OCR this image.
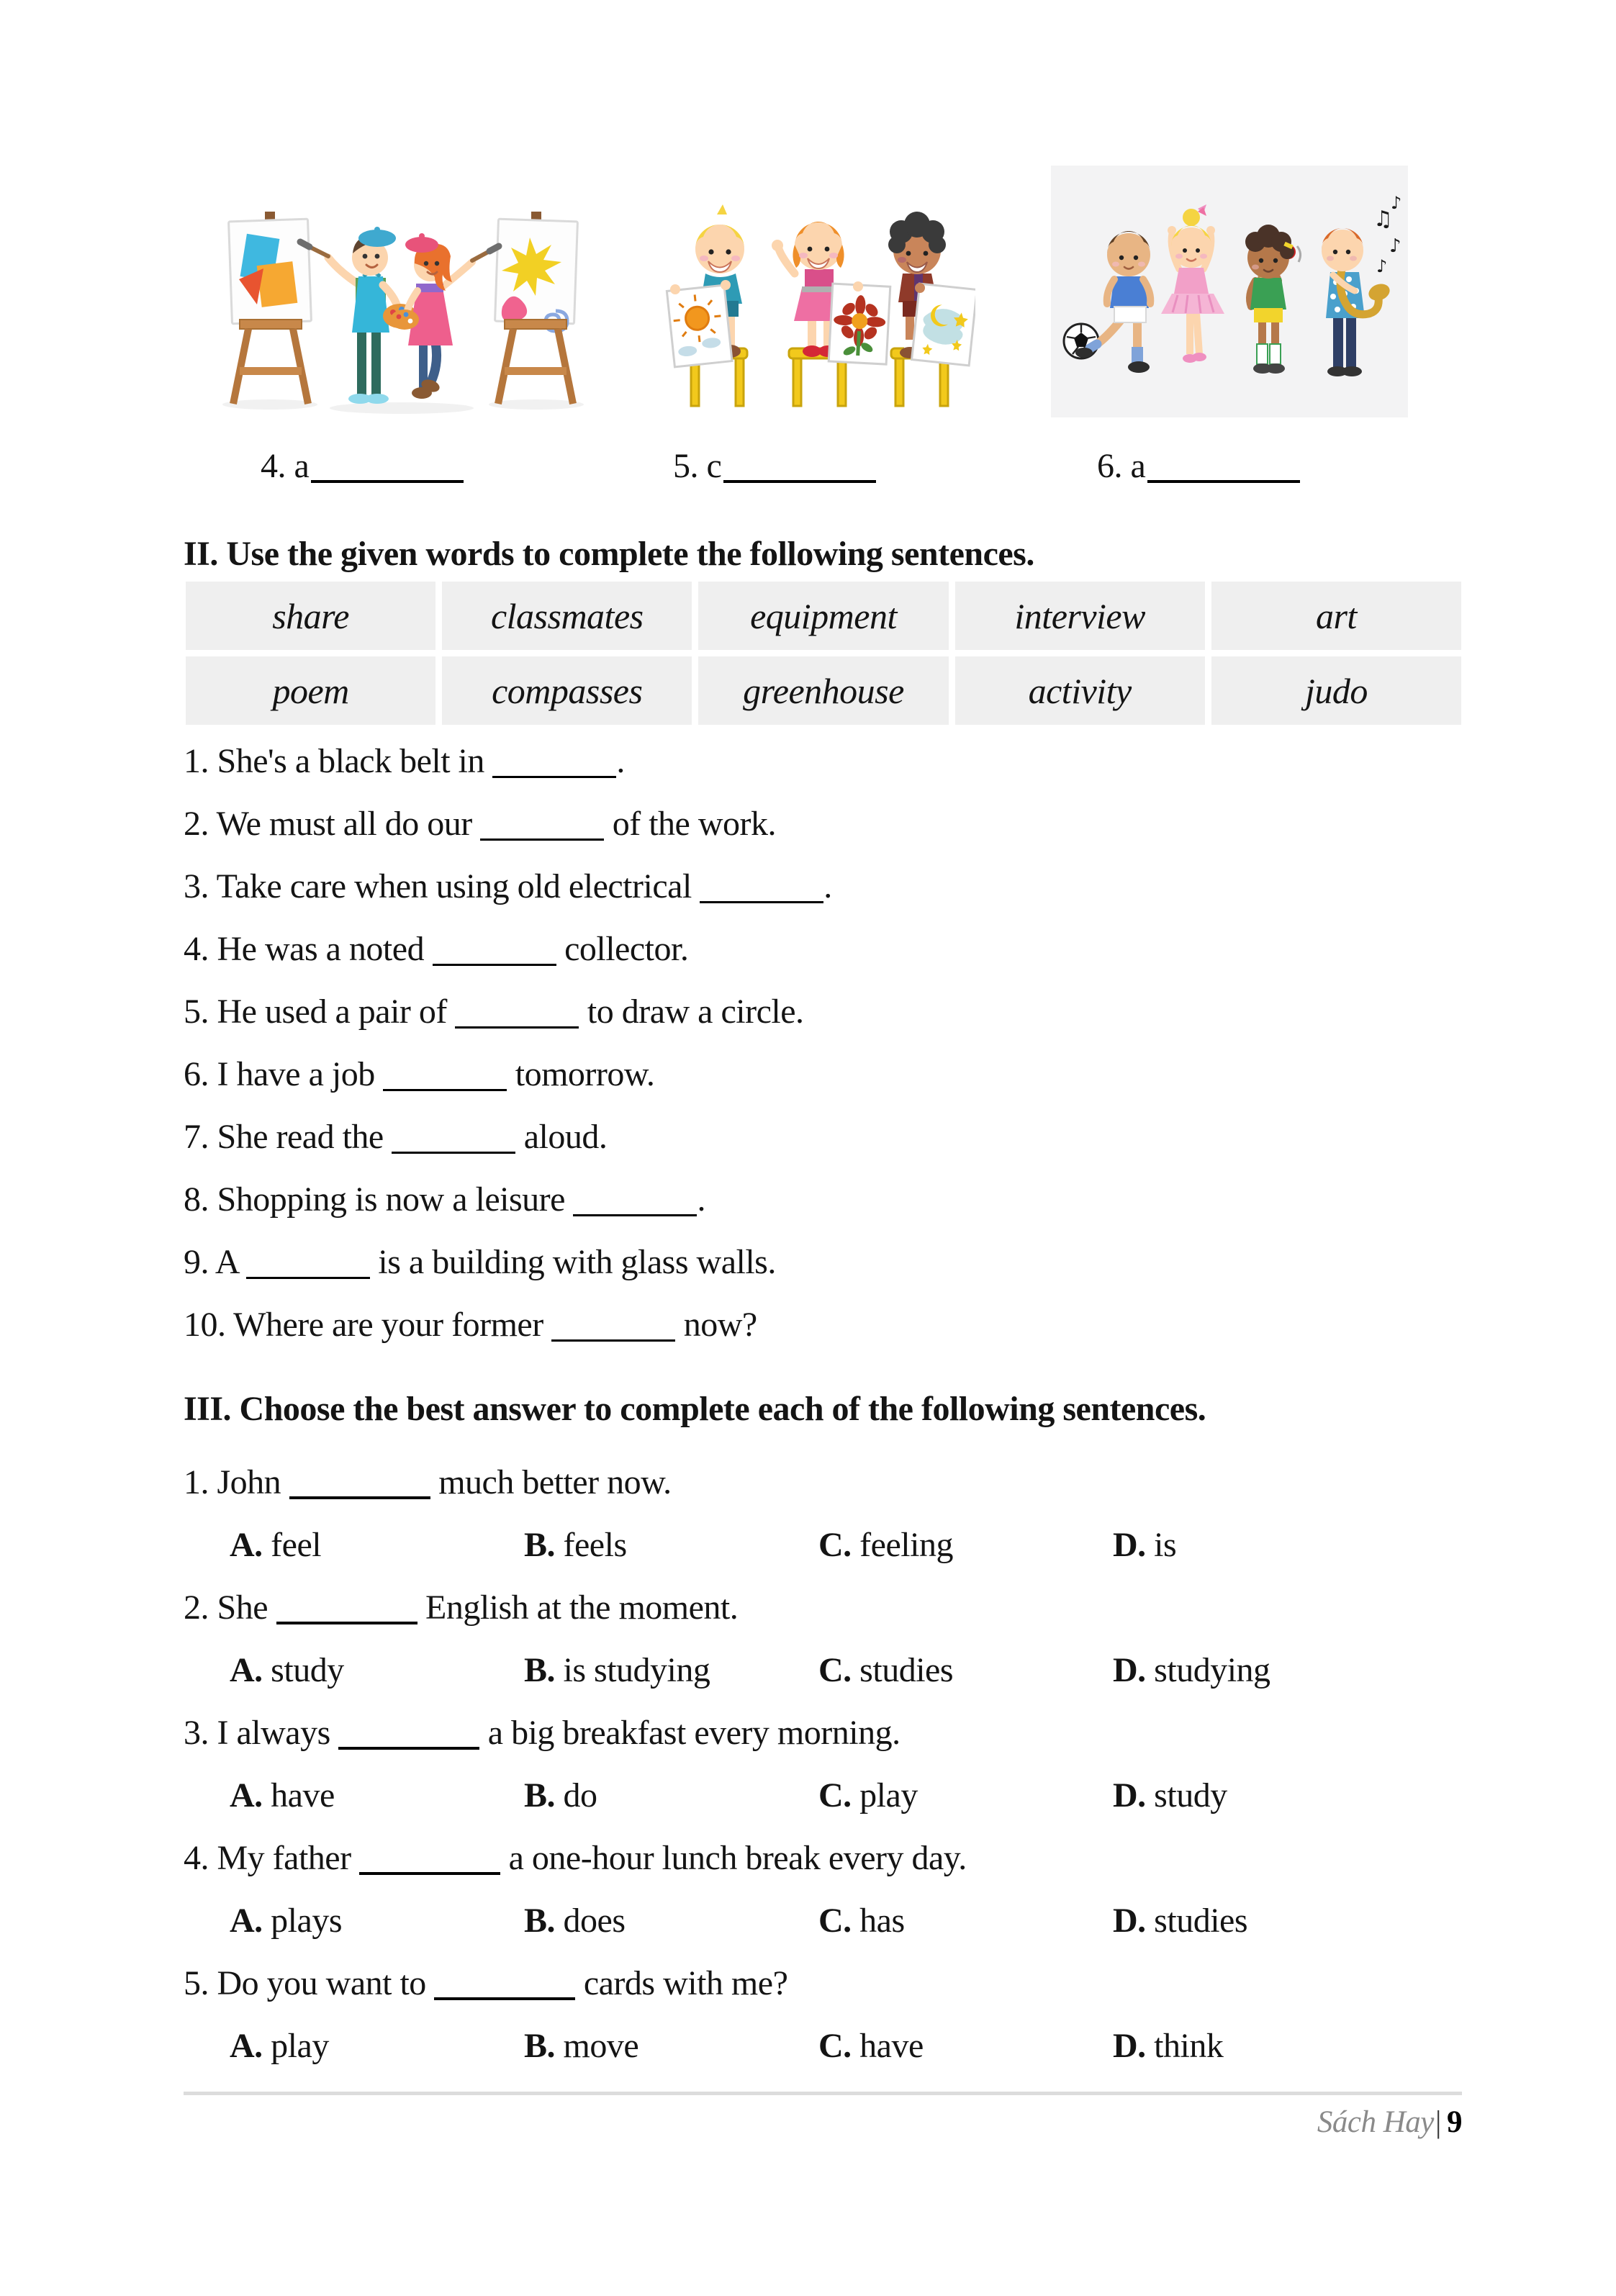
♫
♪
♪
♪
4. a	5. c	6. a
II. Use the given words to complete the following sentences.
share	classmates	equipment	interview	art
poem	compasses	greenhouse	activity	judo

1. She's a black belt in	.

2. We must all do our	of the work.

3. Take care when using old electrical	.

4. He was a noted	collector.

5. He used a pair of	to draw a circle.

6. I have a job	tomorrow.

7. She read the	aloud.

8. Shopping is now a leisure	.

9. A	is a building with glass walls.

10. Where are your former	now?

III. Choose the best answer to complete each of the following sentences.

1. John	much better now.

A. feel	B. feels	C. feeling	D. is

2. She	English at the moment.

A. study	B. is studying	C. studies	D. studying

3. I always	a big breakfast every morning.

A. have	B. do	C. play	D. study

4. My father	a one-hour lunch break every day.

A. plays	B. does	C. has	D. studies

5. Do you want to	cards with me?

A. play	B. move	C. have	D. think

Sách Hay| 9
